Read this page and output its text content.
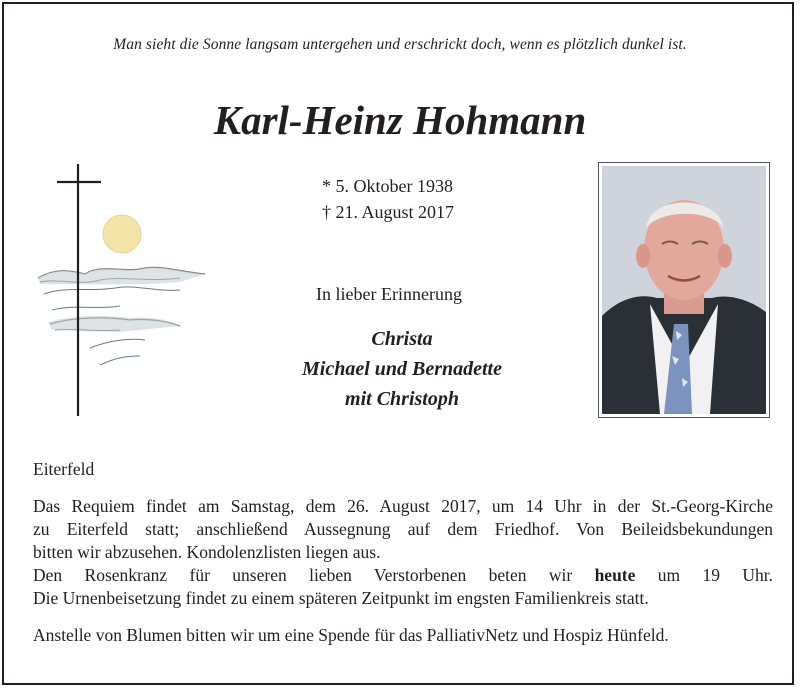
Man sieht die Sonne langsam untergehen und erschrickt doch, wenn es plötzlich dunkel ist.
Karl-Heinz Hohmann
* 5. Oktober 1938
† 21. August 2017
In lieber Erinnerung
Christa
Michael und Bernadette
mit Christoph

Eiterfeld

Das Requiem findet am Samstag, dem 26. August 2017, um 14 Uhr in der St.-Georg-Kirche

zu Eiterfeld statt; anschließend Aussegnung auf dem Friedhof. Von Beileidsbekundungen

bitten wir abzusehen. Kondolenzlisten liegen aus.

Den Rosenkranz für unseren lieben Verstorbenen beten wir heute um 19 Uhr.

Die Urnenbeisetzung findet zu einem späteren Zeitpunkt im engsten Familienkreis statt.

Anstelle von Blumen bitten wir um eine Spende für das PalliativNetz und Hospiz Hünfeld.
